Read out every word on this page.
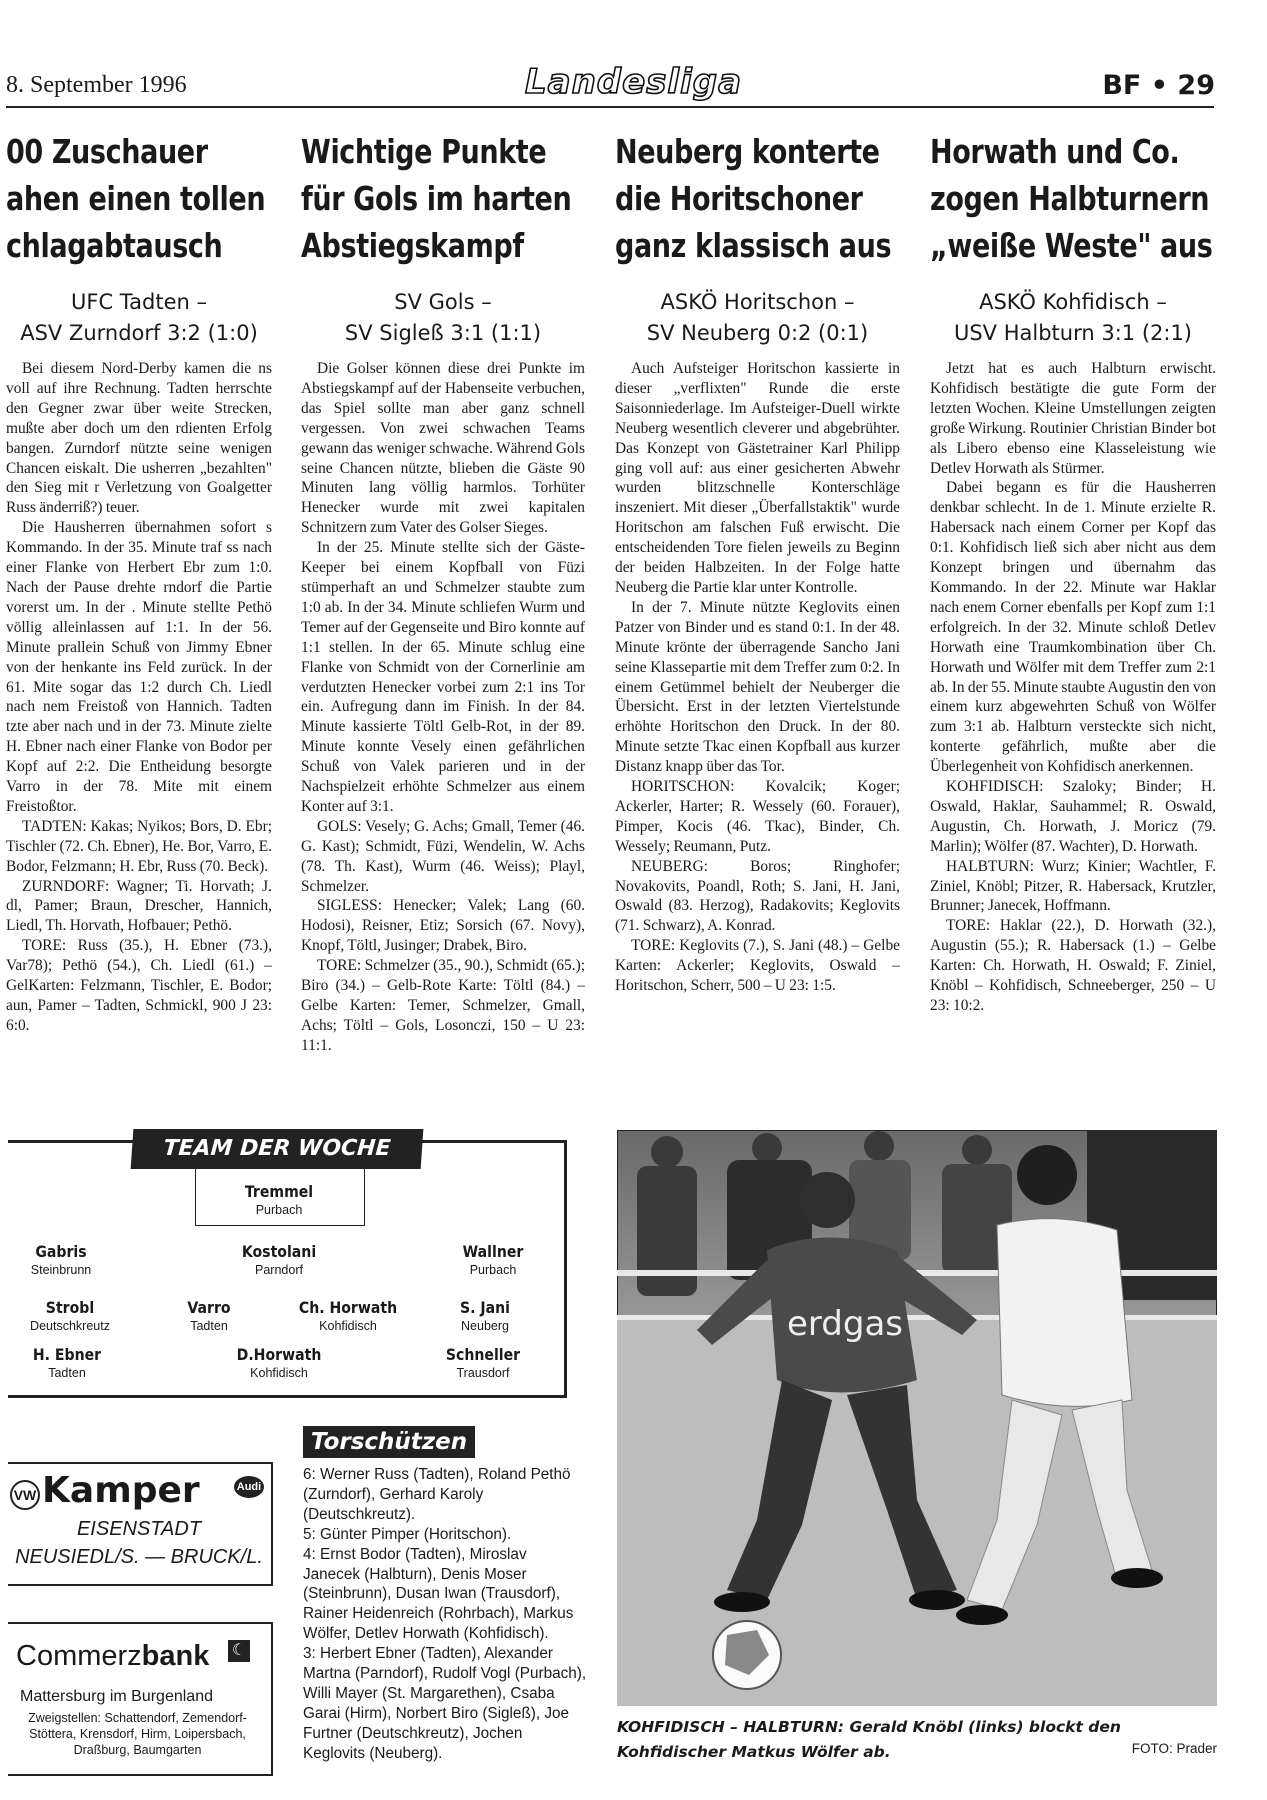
8. September 1996	Landesliga	BF • 29
00 Zuschauer
ahen einen tollen
chlagabtausch
UFC Tadten –
ASV Zurndorf 3:2 (1:0)

Bei diesem Nord-Derby kamen die ns voll auf ihre Rechnung. Tadten herrschte den Gegner zwar über weite Strecken, mußte aber doch um den rdienten Erfolg bangen. Zurndorf nützte seine wenigen Chancen eiskalt. Die usherren „bezahlten" den Sieg mit r Verletzung von Goalgetter Russ änderriß?) teuer.

Die Hausherren übernahmen sofort s Kommando. In der 35. Minute traf ss nach einer Flanke von Herbert Ebr zum 1:0. Nach der Pause drehte rndorf die Partie vorerst um. In der . Minute stellte Pethö völlig alleinlassen auf 1:1. In der 56. Minute prallein Schuß von Jimmy Ebner von der henkante ins Feld zurück. In der 61. Mite sogar das 1:2 durch Ch. Liedl nach nem Freistoß von Hannich. Tadten tzte aber nach und in der 73. Minute zielte H. Ebner nach einer Flanke von Bodor per Kopf auf 2:2. Die Entheidung besorgte Varro in der 78. Mite mit einem Freistoßtor.

TADTEN: Kakas; Nyikos; Bors, D. Ebr; Tischler (72. Ch. Ebner), He. Bor, Varro, E. Bodor, Felzmann; H. Ebr, Russ (70. Beck).

ZURNDORF: Wagner; Ti. Horvath; J. dl, Pamer; Braun, Drescher, Hannich, Liedl, Th. Horvath, Hofbauer; Pethö.

TORE: Russ (35.), H. Ebner (73.), Var78); Pethö (54.), Ch. Liedl (61.) – GelKarten: Felzmann, Tischler, E. Bodor; aun, Pamer – Tadten, Schmickl, 900 J 23: 6:0.

Wichtige Punkte
für Gols im harten
Abstiegskampf
SV Gols –
SV Sigleß 3:1 (1:1)

Die Golser können diese drei Punkte im Abstiegskampf auf der Habenseite verbuchen, das Spiel sollte man aber ganz schnell vergessen. Von zwei schwachen Teams gewann das weniger schwache. Während Gols seine Chancen nützte, blieben die Gäste 90 Minuten lang völlig harmlos. Torhüter Henecker wurde mit zwei kapitalen Schnitzern zum Vater des Golser Sieges.

In der 25. Minute stellte sich der Gäste-Keeper bei einem Kopfball von Füzi stümperhaft an und Schmelzer staubte zum 1:0 ab. In der 34. Minute schliefen Wurm und Temer auf der Gegenseite und Biro konnte auf 1:1 stellen. In der 65. Minute schlug eine Flanke von Schmidt von der Cornerlinie am verdutzten Henecker vorbei zum 2:1 ins Tor ein. Aufregung dann im Finish. In der 84. Minute kassierte Töltl Gelb-Rot, in der 89. Minute konnte Vesely einen gefährlichen Schuß von Valek parieren und in der Nachspielzeit erhöhte Schmelzer aus einem Konter auf 3:1.

GOLS: Vesely; G. Achs; Gmall, Temer (46. G. Kast); Schmidt, Füzi, Wendelin, W. Achs (78. Th. Kast), Wurm (46. Weiss); Playl, Schmelzer.

SIGLESS: Henecker; Valek; Lang (60. Hodosi), Reisner, Etiz; Sorsich (67. Novy), Knopf, Töltl, Jusinger; Drabek, Biro.

TORE: Schmelzer (35., 90.), Schmidt (65.); Biro (34.) – Gelb-Rote Karte: Töltl (84.) – Gelbe Karten: Temer, Schmelzer, Gmall, Achs; Töltl – Gols, Losonczi, 150 – U 23: 11:1.

Neuberg konterte
die Horitschoner
ganz klassisch aus
ASKÖ Horitschon –
SV Neuberg 0:2 (0:1)

Auch Aufsteiger Horitschon kassierte in dieser „verflixten" Runde die erste Saisonniederlage. Im Aufsteiger-Duell wirkte Neuberg wesentlich cleverer und abgebrühter. Das Konzept von Gästetrainer Karl Philipp ging voll auf: aus einer gesicherten Abwehr wurden blitzschnelle Konterschläge inszeniert. Mit dieser „Überfallstaktik" wurde Horitschon am falschen Fuß erwischt. Die entscheidenden Tore fielen jeweils zu Beginn der beiden Halbzeiten. In der Folge hatte Neuberg die Partie klar unter Kontrolle.

In der 7. Minute nützte Keglovits einen Patzer von Binder und es stand 0:1. In der 48. Minute krönte der überragende Sancho Jani seine Klassepartie mit dem Treffer zum 0:2. In einem Getümmel behielt der Neuberger die Übersicht. Erst in der letzten Viertelstunde erhöhte Horitschon den Druck. In der 80. Minute setzte Tkac einen Kopfball aus kurzer Distanz knapp über das Tor.

HORITSCHON: Kovalcik; Koger; Ackerler, Harter; R. Wessely (60. Forauer), Pimper, Kocis (46. Tkac), Binder, Ch. Wessely; Reumann, Putz.

NEUBERG: Boros; Ringhofer; Novakovits, Poandl, Roth; S. Jani, H. Jani, Oswald (83. Herzog), Radakovits; Keglovits (71. Schwarz), A. Konrad.

TORE: Keglovits (7.), S. Jani (48.) – Gelbe Karten: Ackerler; Keglovits, Oswald – Horitschon, Scherr, 500 – U 23: 1:5.

Horwath und Co.
zogen Halbturnern
„weiße Weste" aus
ASKÖ Kohfidisch –
USV Halbturn 3:1 (2:1)

Jetzt hat es auch Halbturn erwischt. Kohfidisch bestätigte die gute Form der letzten Wochen. Kleine Umstellungen zeigten große Wirkung. Routinier Christian Binder bot als Libero ebenso eine Klasseleistung wie Detlev Horwath als Stürmer.

Dabei begann es für die Hausherren denkbar schlecht. In de 1. Minute erzielte R. Habersack nach einem Corner per Kopf das 0:1. Kohfidisch ließ sich aber nicht aus dem Konzept bringen und übernahm das Kommando. In der 22. Minute war Haklar nach enem Corner ebenfalls per Kopf zum 1:1 erfolgreich. In der 32. Minute schloß Detlev Horwath eine Traumkombination über Ch. Horwath und Wölfer mit dem Treffer zum 2:1 ab. In der 55. Minute staubte Augustin den von einem kurz abgewehrten Schuß von Wölfer zum 3:1 ab. Halbturn versteckte sich nicht, konterte gefährlich, mußte aber die Überlegenheit von Kohfidisch anerkennen.

KOHFIDISCH: Szaloky; Binder; H. Oswald, Haklar, Sauhammel; R. Oswald, Augustin, Ch. Horwath, J. Moricz (79. Marlin); Wölfer (87. Wachter), D. Horwath.

HALBTURN: Wurz; Kinier; Wachtler, F. Ziniel, Knöbl; Pitzer, R. Habersack, Krutzler, Brunner; Janecek, Hoffmann.

TORE: Haklar (22.), D. Horwath (32.), Augustin (55.); R. Habersack (1.) – Gelbe Karten: Ch. Horwath, H. Oswald; F. Ziniel, Knöbl – Kohfidisch, Schneeberger, 250 – U 23: 10:2.

TEAM DER WOCHE
Tremmel
Purbach
Gabris
Steinbrunn
Kostolani
Parndorf
Wallner
Purbach
Strobl
Deutschkreutz
Varro
Tadten
Ch. Horwath
Kohfidisch
S. Jani
Neuberg
H. Ebner
Tadten
D.Horwath
Kohfidisch
Schneller
Trausdorf
Torschützen

6: Werner Russ (Tadten), Roland Pethö (Zurndorf), Gerhard Karoly (Deutschkreutz).

5: Günter Pimper (Horitschon).

4: Ernst Bodor (Tadten), Miroslav Janecek (Halbturn), Denis Moser (Steinbrunn), Dusan Iwan (Trausdorf), Rainer Heidenreich (Rohrbach), Markus Wölfer, Detlev Horwath (Kohfidisch).

3: Herbert Ebner (Tadten), Alexander Martna (Parndorf), Rudolf Vogl (Purbach), Willi Mayer (St. Margarethen), Csaba Garai (Hirm), Norbert Biro (Sigleß), Joe Furtner (Deutschkreutz), Jochen Keglovits (Neuberg).

VW Kamper	Audi
EISENSTADT
NEUSIEDL/S. — BRUCK/L.
Commerzbank ☾
Mattersburg im Burgenland
Zweigstellen: Schattendorf, Zemendorf-Stöttera, Krensdorf, Hirm, Loipersbach, Draßburg, Baumgarten
erdgas
KOHFIDISCH – HALBTURN: Gerald Knöbl (links) blockt den Kohfidischer Matkus Wölfer ab.	FOTO: Prader
